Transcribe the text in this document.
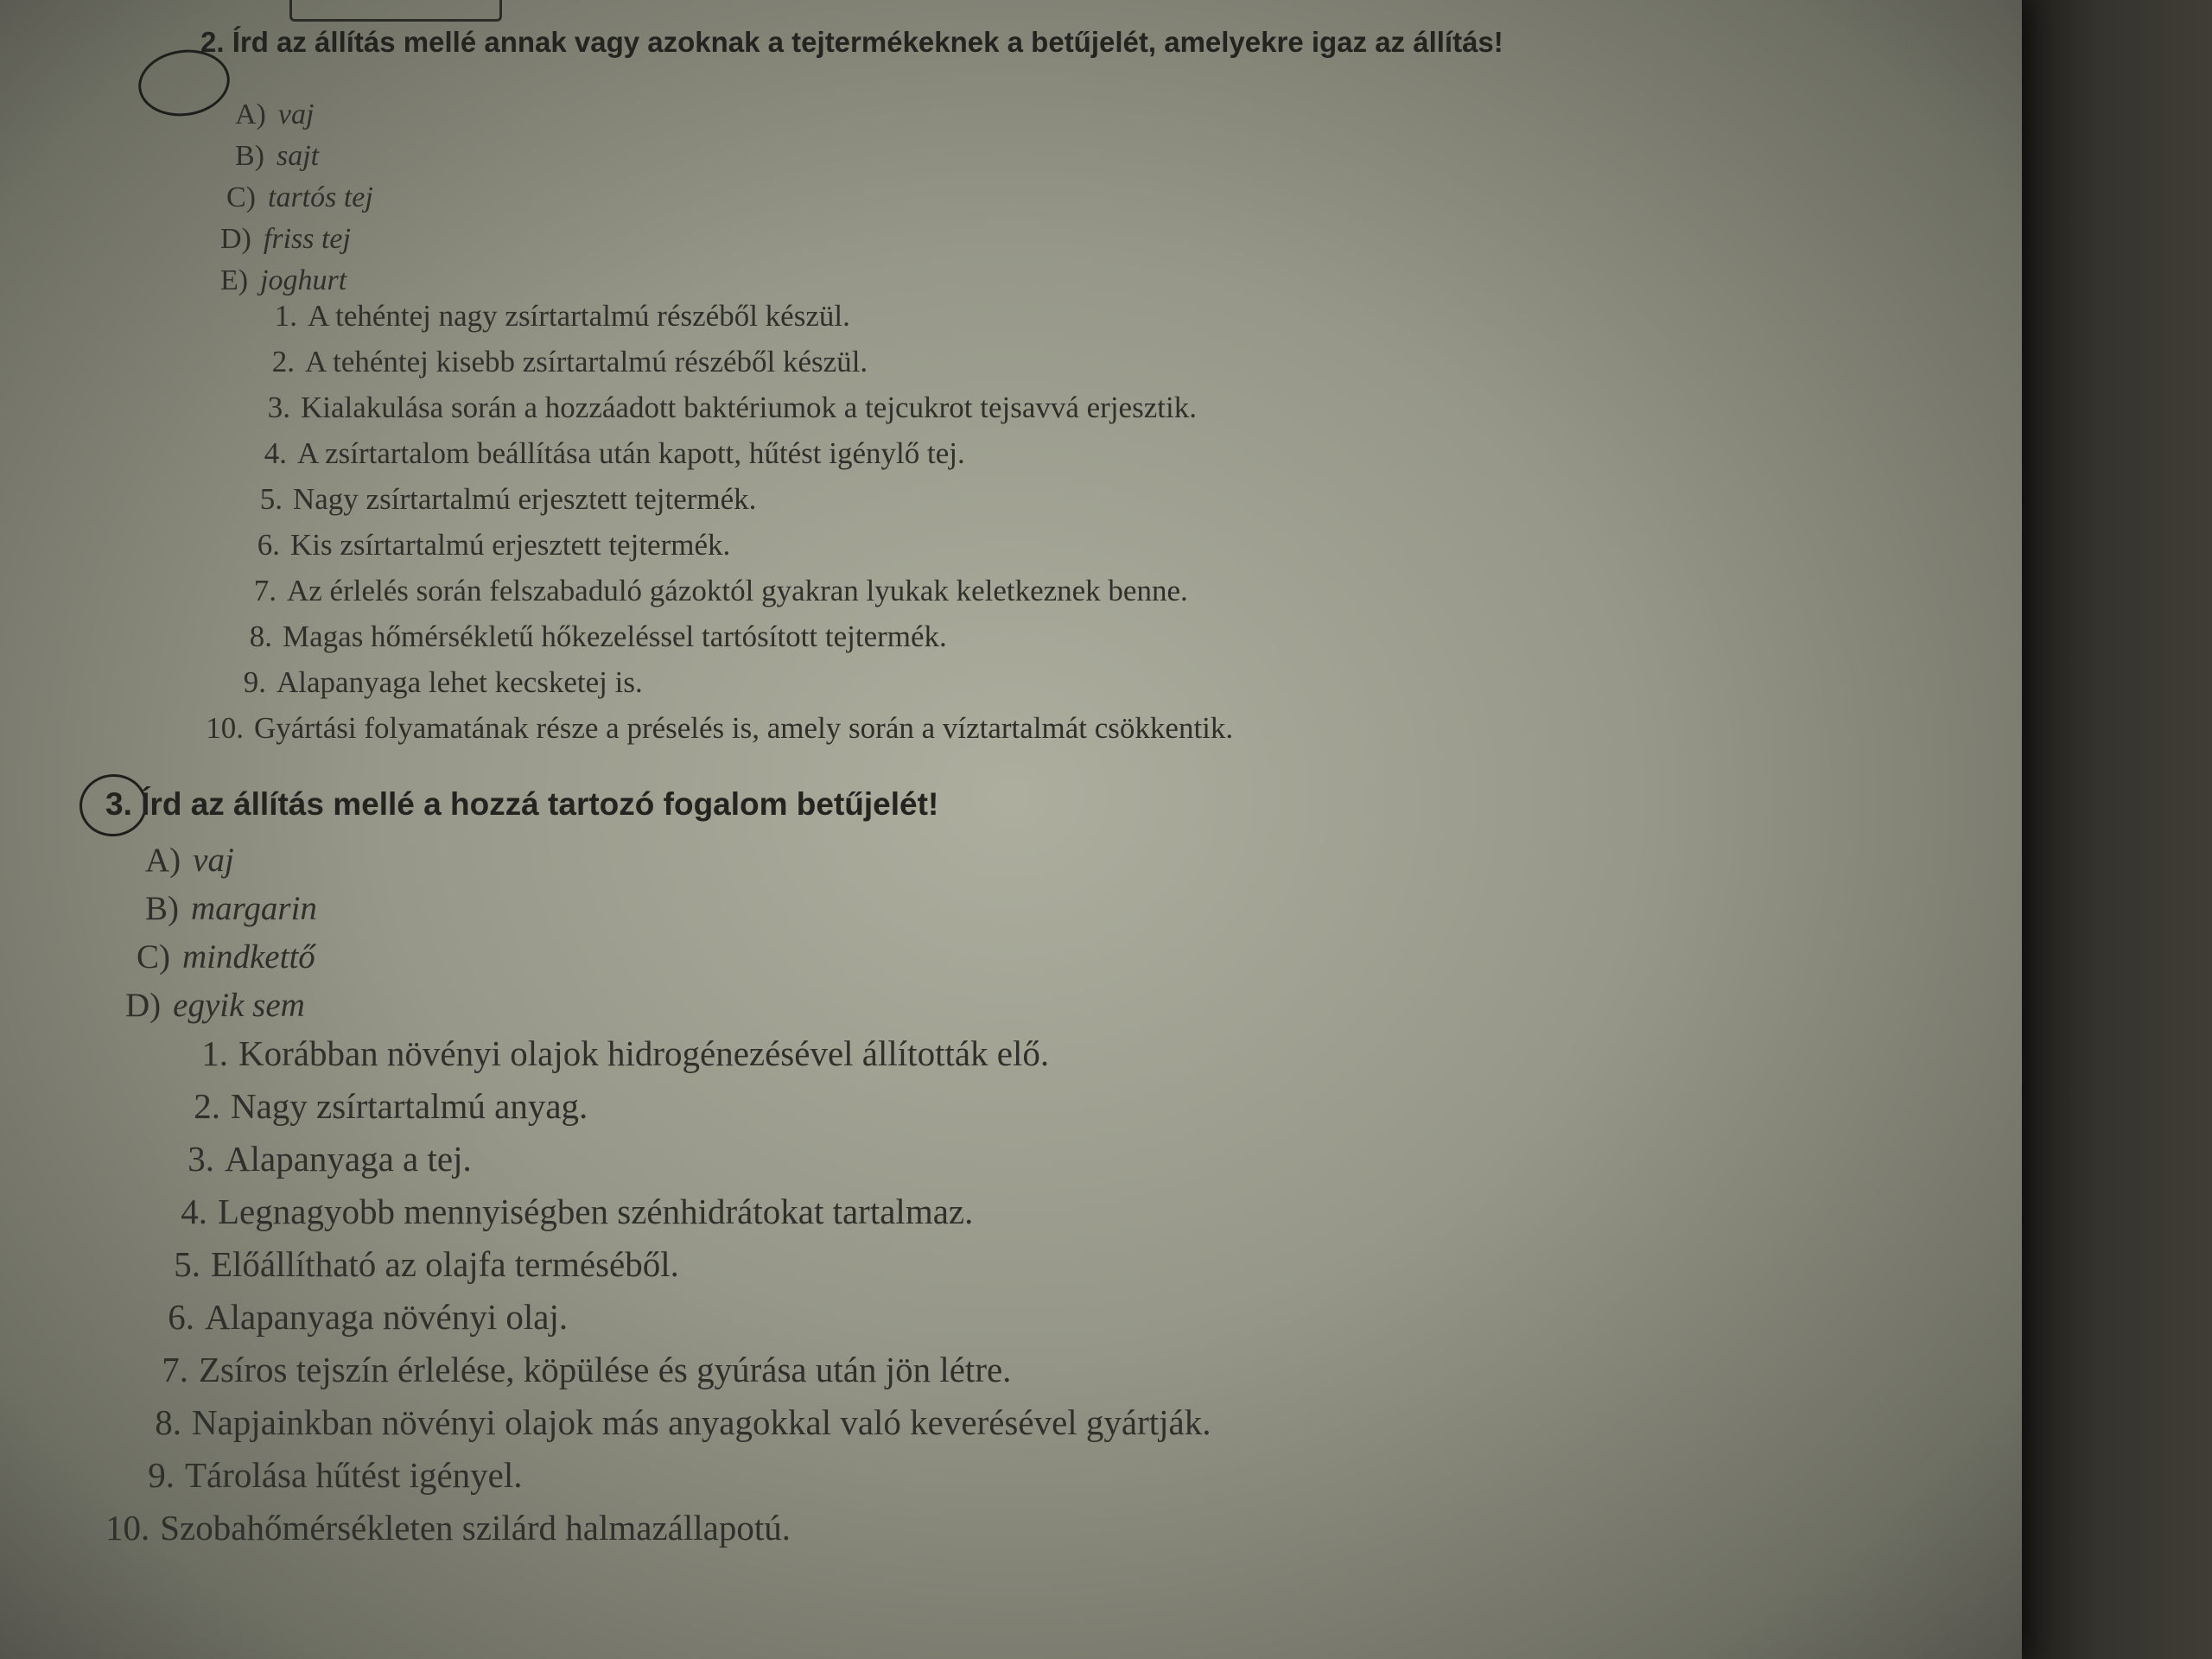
2. Írd az állítás mellé annak vagy azoknak a tejtermékeknek a betűjelét, amelyekre igaz az állítás!
A) vaj
B) sajt
C) tartós tej
D) friss tej
E) joghurt
1. A tehéntej nagy zsírtartalmú részéből készül.
2. A tehéntej kisebb zsírtartalmú részéből készül.
3. Kialakulása során a hozzáadott baktériumok a tejcukrot tejsavvá erjesztik.
4. A zsírtartalom beállítása után kapott, hűtést igénylő tej.
5. Nagy zsírtartalmú erjesztett tejtermék.
6. Kis zsírtartalmú erjesztett tejtermék.
7. Az érlelés során felszabaduló gázoktól gyakran lyukak keletkeznek benne.
8. Magas hőmérsékletű hőkezeléssel tartósított tejtermék.
9. Alapanyaga lehet kecsketej is.
10. Gyártási folyamatának része a préselés is, amely során a víztartalmát csökkentik.
3. Írd az állítás mellé a hozzá tartozó fogalom betűjelét!
A) vaj
B) margarin
C) mindkettő
D) egyik sem
1. Korábban növényi olajok hidrogénezésével állították elő.
2. Nagy zsírtartalmú anyag.
3. Alapanyaga a tej.
4. Legnagyobb mennyiségben szénhidrátokat tartalmaz.
5. Előállítható az olajfa terméséből.
6. Alapanyaga növényi olaj.
7. Zsíros tejszín érlelése, köpülése és gyúrása után jön létre.
8. Napjainkban növényi olajok más anyagokkal való keverésével gyártják.
9. Tárolása hűtést igényel.
10. Szobahőmérsékleten szilárd halmazállapotú.
